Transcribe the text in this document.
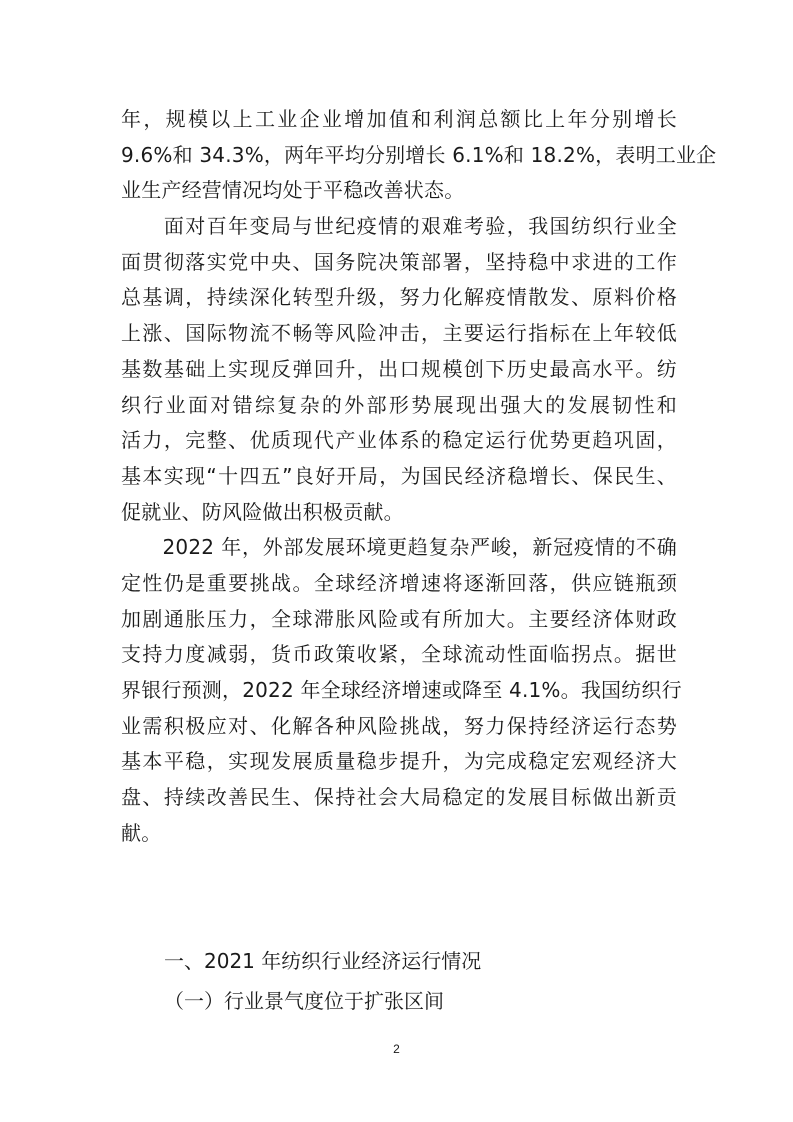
年，规模以上工业企业增加值和利润总额比上年分别增长
9.6%和 34.3%，两年平均分别增长 6.1%和 18.2%，表明工业企
业生产经营情况均处于平稳改善状态。
　　面对百年变局与世纪疫情的艰难考验，我国纺织行业全
面贯彻落实党中央、国务院决策部署，坚持稳中求进的工作
总基调，持续深化转型升级，努力化解疫情散发、原料价格
上涨、国际物流不畅等风险冲击，主要运行指标在上年较低
基数基础上实现反弹回升，出口规模创下历史最高水平。纺
织行业面对错综复杂的外部形势展现出强大的发展韧性和
活力，完整、优质现代产业体系的稳定运行优势更趋巩固，
基本实现“十四五”良好开局，为国民经济稳增长、保民生、
促就业、防风险做出积极贡献。
　　2022 年，外部发展环境更趋复杂严峻，新冠疫情的不确
定性仍是重要挑战。全球经济增速将逐渐回落，供应链瓶颈
加剧通胀压力，全球滞胀风险或有所加大。主要经济体财政
支持力度减弱，货币政策收紧，全球流动性面临拐点。据世
界银行预测，2022 年全球经济增速或降至 4.1%。我国纺织行
业需积极应对、化解各种风险挑战，努力保持经济运行态势
基本平稳，实现发展质量稳步提升，为完成稳定宏观经济大
盘、持续改善民生、保持社会大局稳定的发展目标做出新贡
献。
一、2021 年纺织行业经济运行情况
（一）行业景气度位于扩张区间
2
